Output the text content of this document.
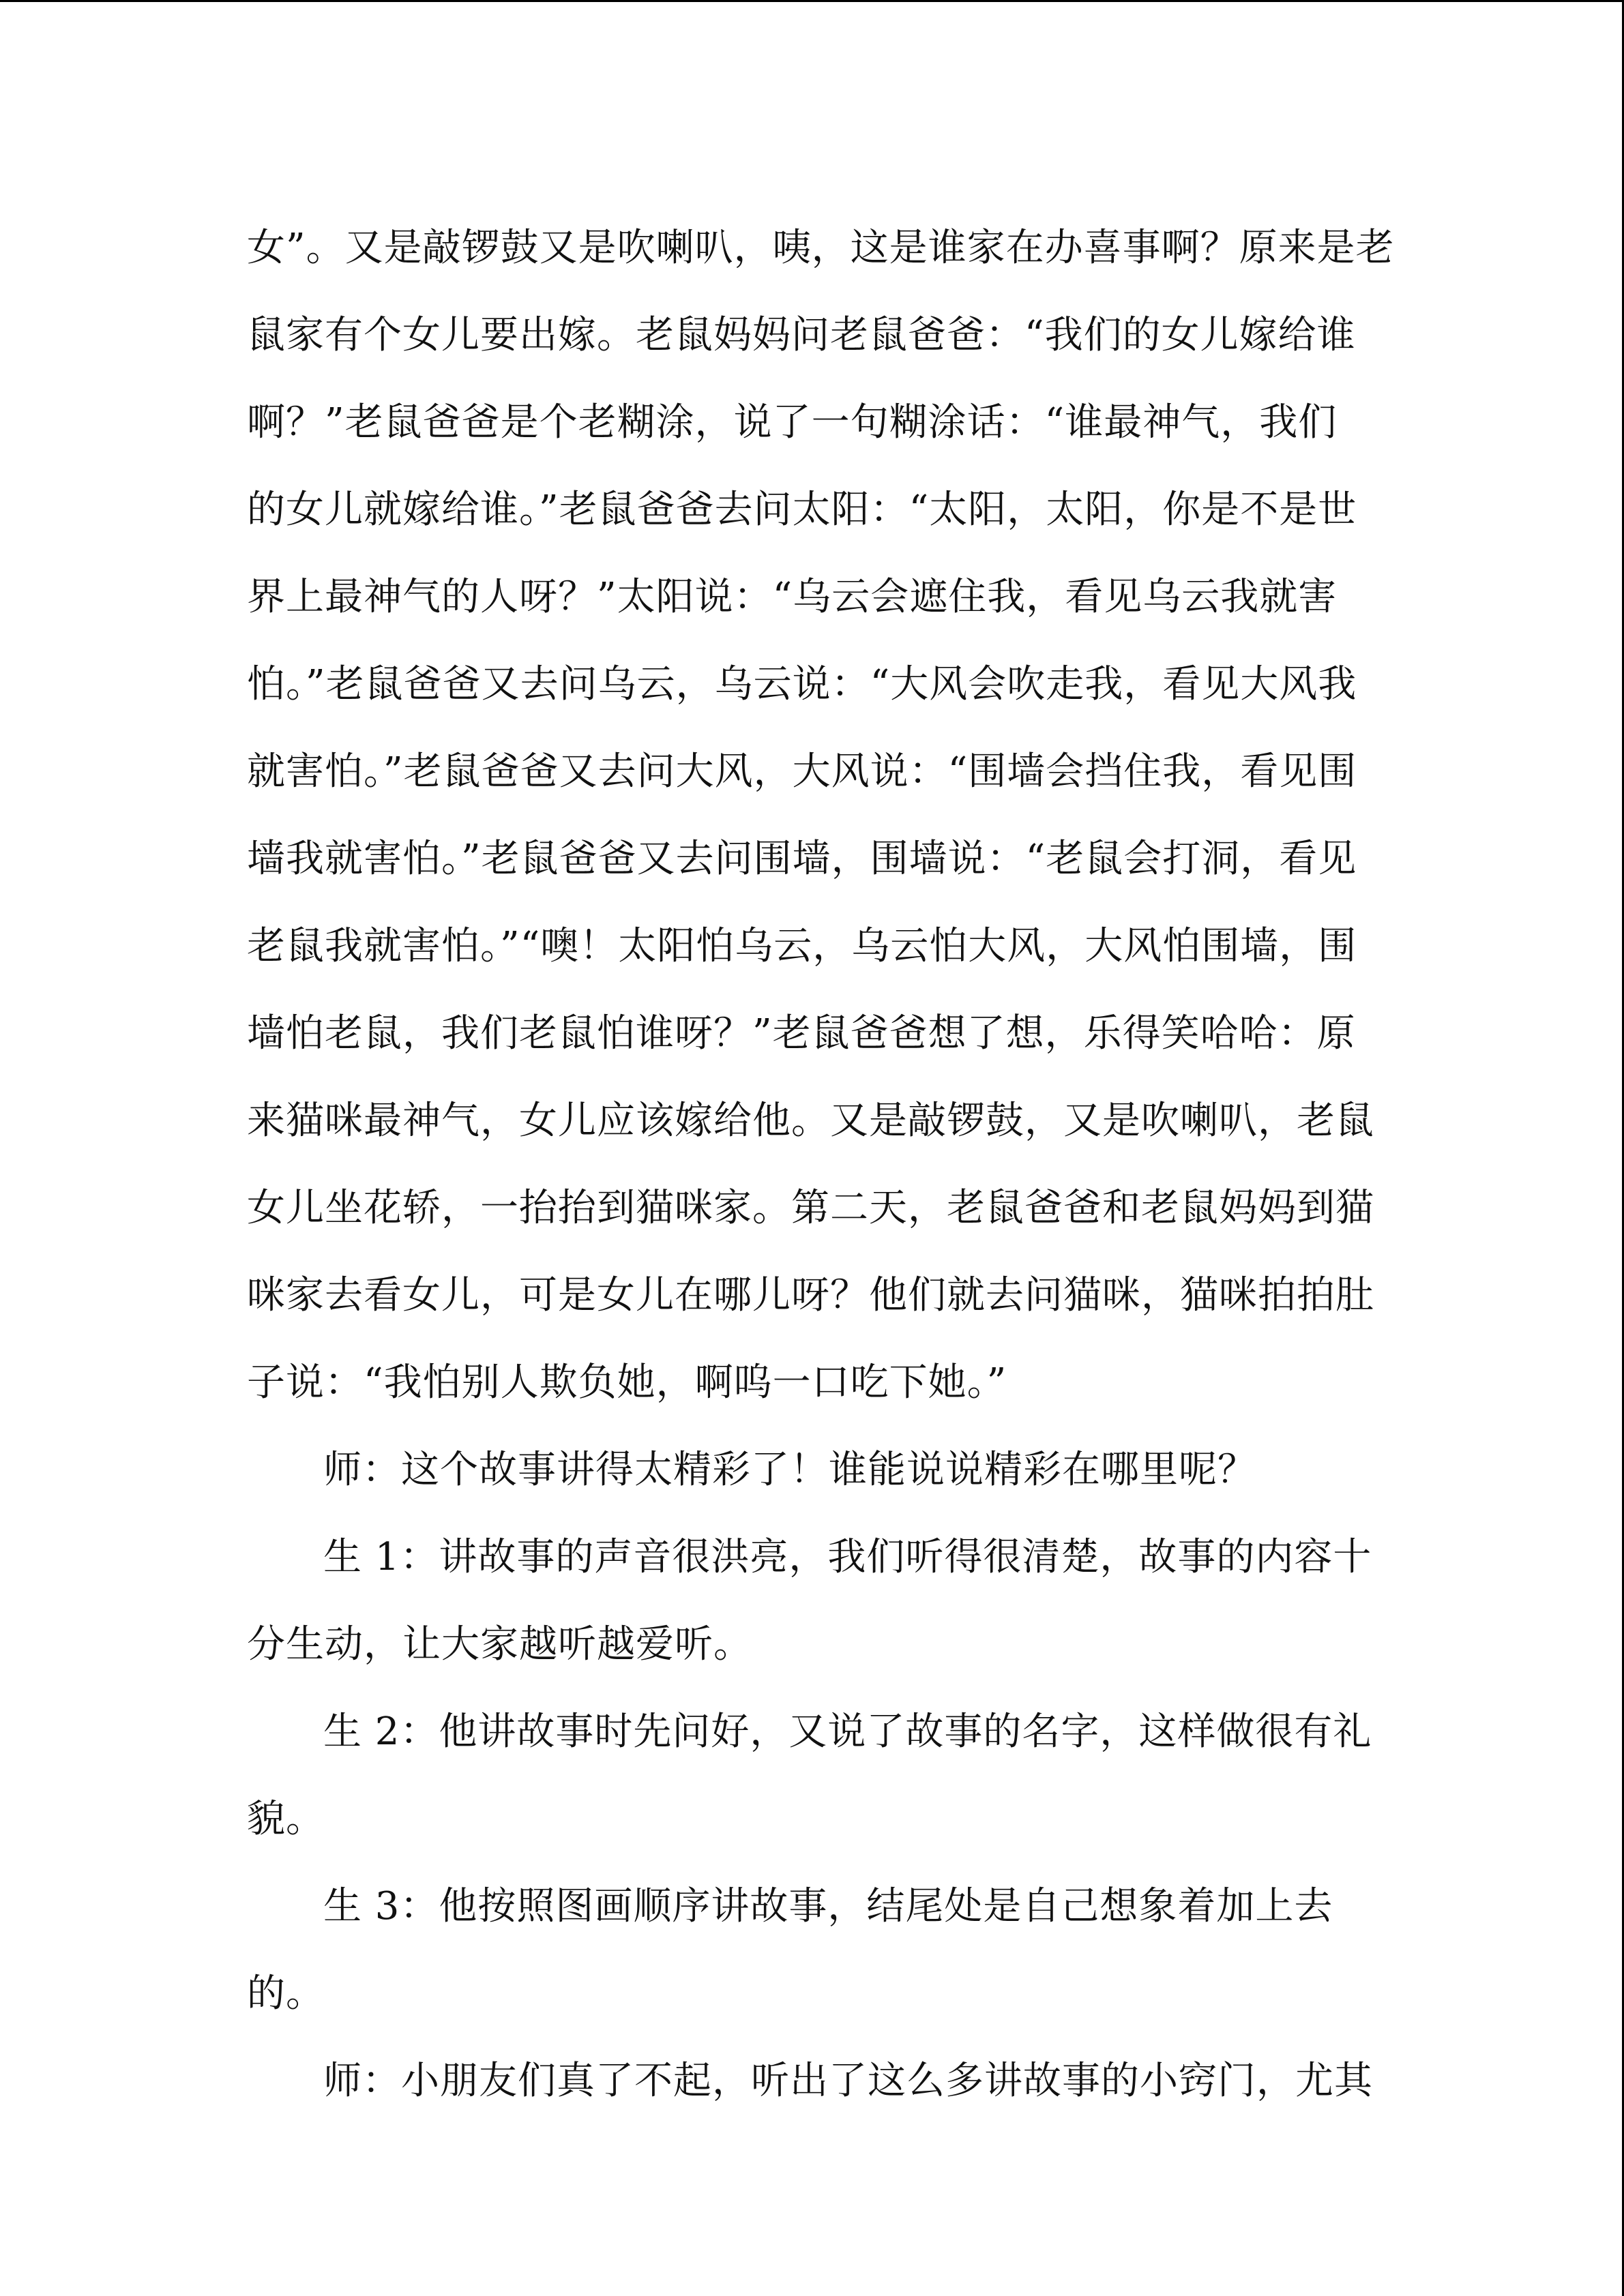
女”。又是敲锣鼓又是吹喇叭，咦，这是谁家在办喜事啊？原来是老
鼠家有个女儿要出嫁。老鼠妈妈问老鼠爸爸：“我们的女儿嫁给谁
啊？”老鼠爸爸是个老糊涂，说了一句糊涂话：“谁最神气，我们
的女儿就嫁给谁。”老鼠爸爸去问太阳：“太阳，太阳，你是不是世
界上最神气的人呀？”太阳说：“乌云会遮住我，看见乌云我就害
怕。”老鼠爸爸又去问乌云，乌云说：“大风会吹走我，看见大风我
就害怕。”老鼠爸爸又去问大风，大风说：“围墙会挡住我，看见围
墙我就害怕。”老鼠爸爸又去问围墙，围墙说：“老鼠会打洞，看见
老鼠我就害怕。”“噢！太阳怕乌云，乌云怕大风，大风怕围墙，围
墙怕老鼠，我们老鼠怕谁呀？”老鼠爸爸想了想，乐得笑哈哈：原
来猫咪最神气，女儿应该嫁给他。又是敲锣鼓，又是吹喇叭，老鼠
女儿坐花轿，一抬抬到猫咪家。第二天，老鼠爸爸和老鼠妈妈到猫
咪家去看女儿，可是女儿在哪儿呀？他们就去问猫咪，猫咪拍拍肚
子说：“我怕别人欺负她，啊呜一口吃下她。”
师：这个故事讲得太精彩了！谁能说说精彩在哪里呢？
生 1：讲故事的声音很洪亮，我们听得很清楚，故事的内容十
分生动，让大家越听越爱听。
生 2：他讲故事时先问好，又说了故事的名字，这样做很有礼
貌。
生 3：他按照图画顺序讲故事，结尾处是自己想象着加上去
的。
师：小朋友们真了不起，听出了这么多讲故事的小窍门，尤其
